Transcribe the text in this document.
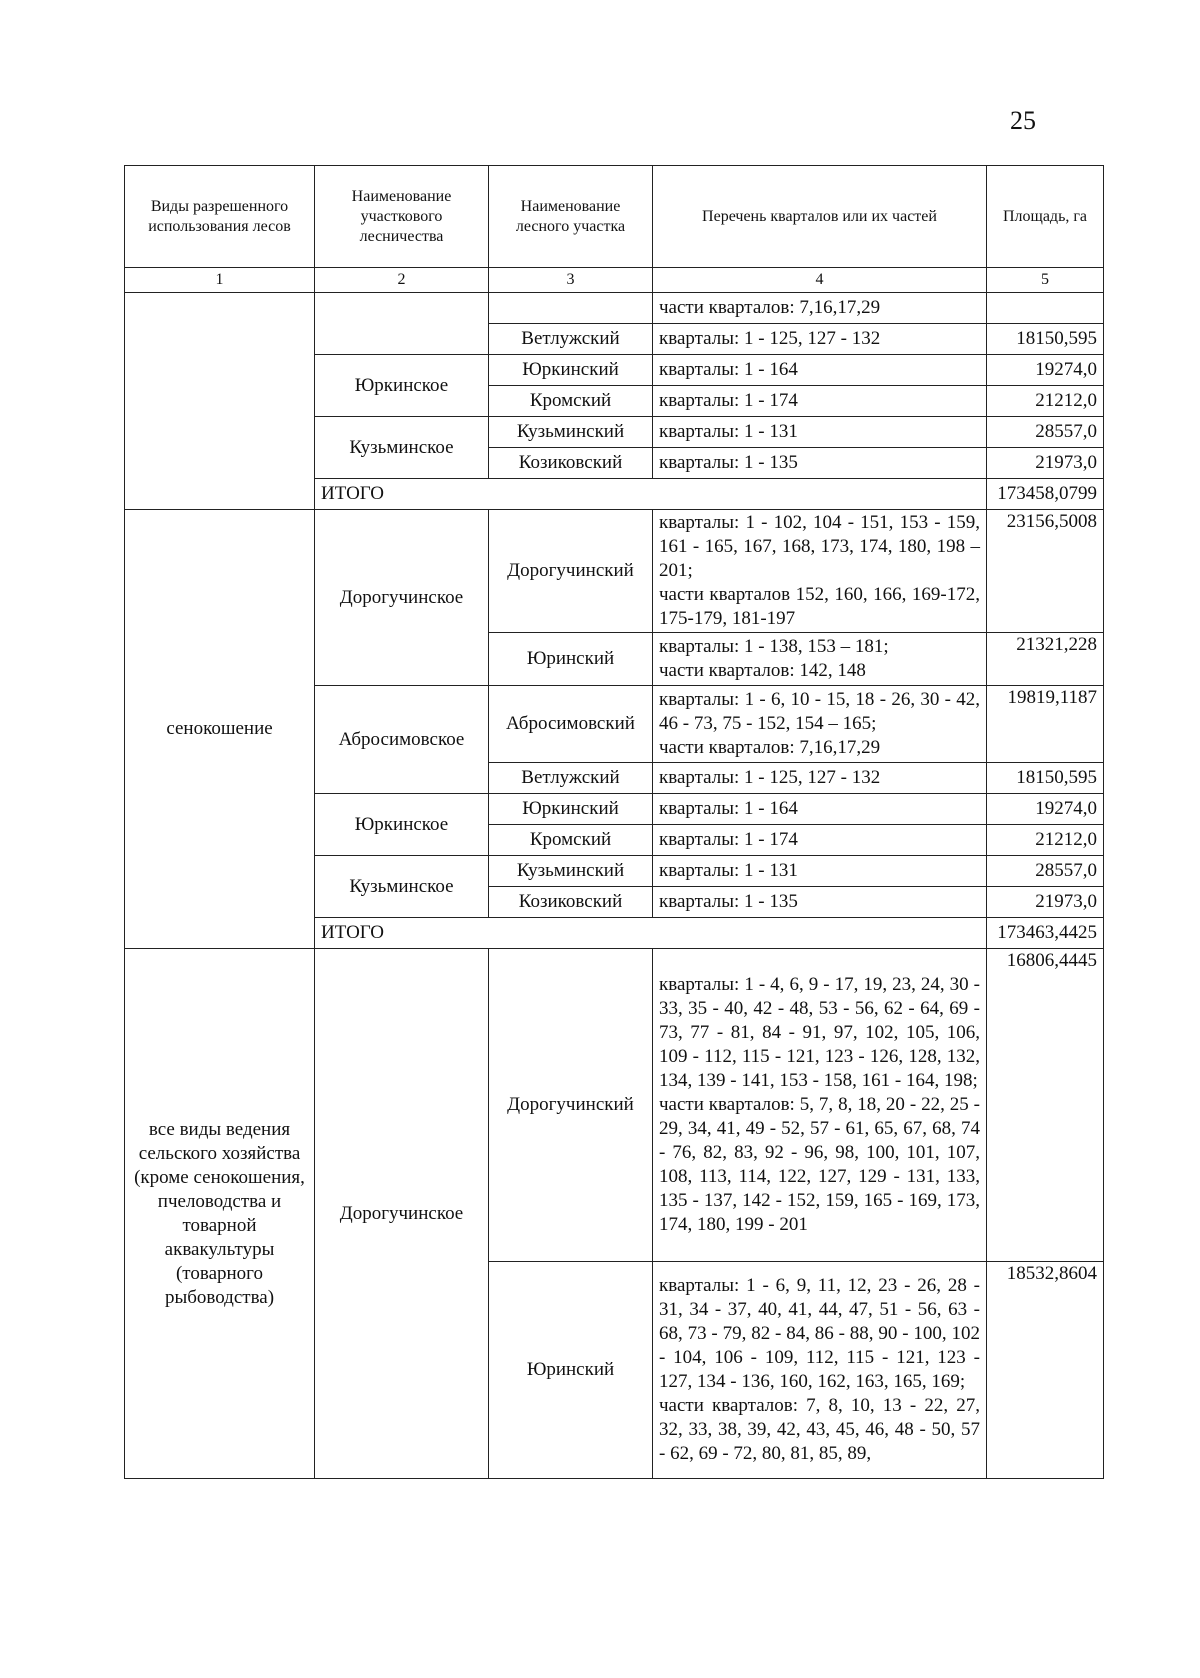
25
Виды разрешенного использования лесов	Наименование участкового лесничества	Наименование лесного участка	Перечень кварталов или их частей	Площадь, га
1	2	3	4	5
			части кварталов: 7,16,17,29	
		Ветлужский	кварталы: 1 - 125, 127 - 132	18150,595
	Юркинское	Юркинский	кварталы: 1 - 164	19274,0
		Кромский	кварталы: 1 - 174	21212,0
	Кузьминское	Кузьминский	кварталы: 1 - 131	28557,0
		Козиковский	кварталы: 1 - 135	21973,0
	ИТОГО			173458,0799
сенокошение	Дорогучинское	Дорогучинский	кварталы: 1 - 102, 104 - 151, 153 - 159, 161 - 165, 167, 168, 173, 174, 180, 198 – 201;
части кварталов 152, 160, 166, 169-172, 175-179, 181-197	23156,5008
		Юринский	кварталы: 1 - 138, 153 – 181;
части кварталов: 142, 148	21321,228
	Абросимовское	Абросимовский	кварталы: 1 - 6, 10 - 15, 18 - 26, 30 - 42, 46 - 73, 75 - 152, 154 – 165;
части кварталов: 7,16,17,29	19819,1187
		Ветлужский	кварталы: 1 - 125, 127 - 132	18150,595
	Юркинское	Юркинский	кварталы: 1 - 164	19274,0
		Кромский	кварталы: 1 - 174	21212,0
	Кузьминское	Кузьминский	кварталы: 1 - 131	28557,0
		Козиковский	кварталы: 1 - 135	21973,0
	ИТОГО			173463,4425
все виды ведения сельского хозяйства (кроме сенокошения, пчеловодства и товарной аквакультуры (товарного рыбоводства)	Дорогучинское	Дорогучинский	кварталы: 1 - 4, 6, 9 - 17, 19, 23, 24, 30 - 33, 35 - 40, 42 - 48, 53 - 56, 62 - 64, 69 - 73, 77 - 81, 84 - 91, 97, 102, 105, 106, 109 - 112, 115 - 121, 123 - 126, 128, 132, 134, 139 - 141, 153 - 158, 161 - 164, 198;
части кварталов: 5, 7, 8, 18, 20 - 22, 25 - 29, 34, 41, 49 - 52, 57 - 61, 65, 67, 68, 74 - 76, 82, 83, 92 - 96, 98, 100, 101, 107, 108, 113, 114, 122, 127, 129 - 131, 133, 135 - 137, 142 - 152, 159, 165 - 169, 173, 174, 180, 199 - 201	16806,4445
		Юринский	кварталы: 1 - 6, 9, 11, 12, 23 - 26, 28 - 31, 34 - 37, 40, 41, 44, 47, 51 - 56, 63 - 68, 73 - 79, 82 - 84, 86 - 88, 90 - 100, 102 - 104, 106 - 109, 112, 115 - 121, 123 - 127, 134 - 136, 160, 162, 163, 165, 169;
части кварталов: 7, 8, 10, 13 - 22, 27, 32, 33, 38, 39, 42, 43, 45, 46, 48 - 50, 57 - 62, 69 - 72, 80, 81, 85, 89,	18532,8604
